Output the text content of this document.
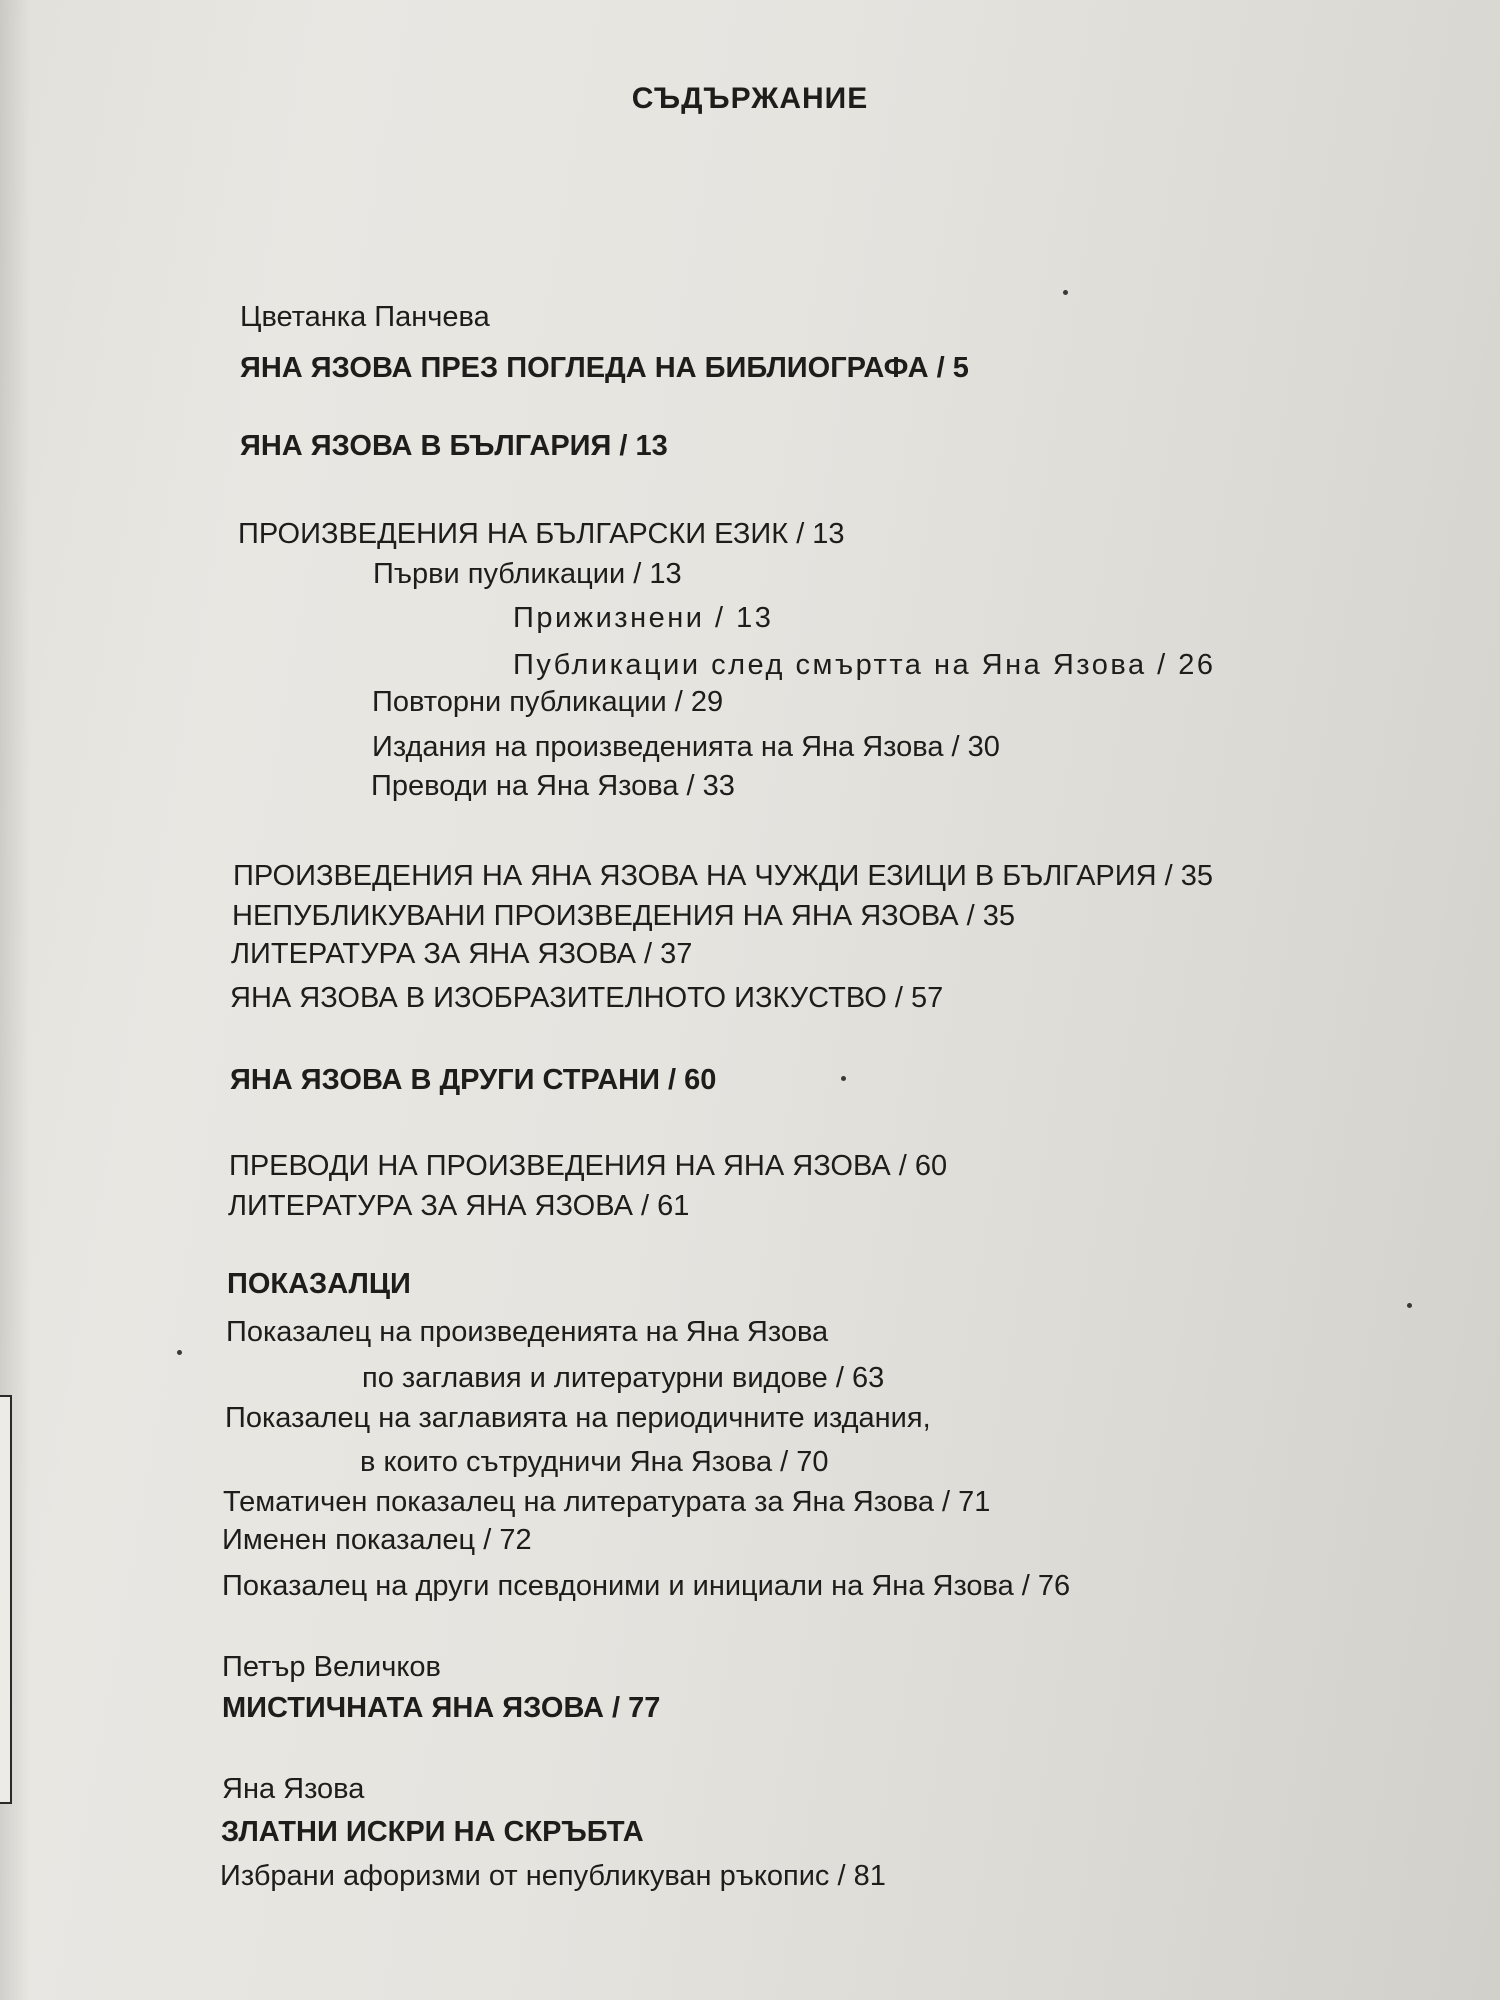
СЪДЪРЖАНИЕ

Цветанка Панчева

ЯНА ЯЗОВА ПРЕЗ ПОГЛЕДА НА БИБЛИОГРАФА / 5

ЯНА ЯЗОВА В БЪЛГАРИЯ / 13

ПРОИЗВЕДЕНИЯ НА БЪЛГАРСКИ ЕЗИК / 13

Първи публикации / 13

Прижизнени / 13

Публикации след смъртта на Яна Язова / 26

Повторни публикации / 29

Издания на произведенията на Яна Язова / 30

Преводи на Яна Язова / 33

ПРОИЗВЕДЕНИЯ НА ЯНА ЯЗОВА НА ЧУЖДИ ЕЗИЦИ В БЪЛГАРИЯ / 35

НЕПУБЛИКУВАНИ ПРОИЗВЕДЕНИЯ НА ЯНА ЯЗОВА / 35

ЛИТЕРАТУРА ЗА ЯНА ЯЗОВА / 37

ЯНА ЯЗОВА В ИЗОБРАЗИТЕЛНОТО ИЗКУСТВО / 57

ЯНА ЯЗОВА В ДРУГИ СТРАНИ / 60

ПРЕВОДИ НА ПРОИЗВЕДЕНИЯ НА ЯНА ЯЗОВА / 60

ЛИТЕРАТУРА ЗА ЯНА ЯЗОВА / 61

ПОКАЗАЛЦИ

Показалец на произведенията на Яна Язова

по заглавия и литературни видове / 63

Показалец на заглавията на периодичните издания,

в които сътрудничи Яна Язова / 70

Тематичен показалец на литературата за Яна Язова / 71

Именен показалец / 72

Показалец на други псевдоними и инициали на Яна Язова / 76

Петър Величков

МИСТИЧНАТА ЯНА ЯЗОВА / 77

Яна Язова

ЗЛАТНИ ИСКРИ НА СКРЪБТА

Избрани афоризми от непубликуван ръкопис / 81
